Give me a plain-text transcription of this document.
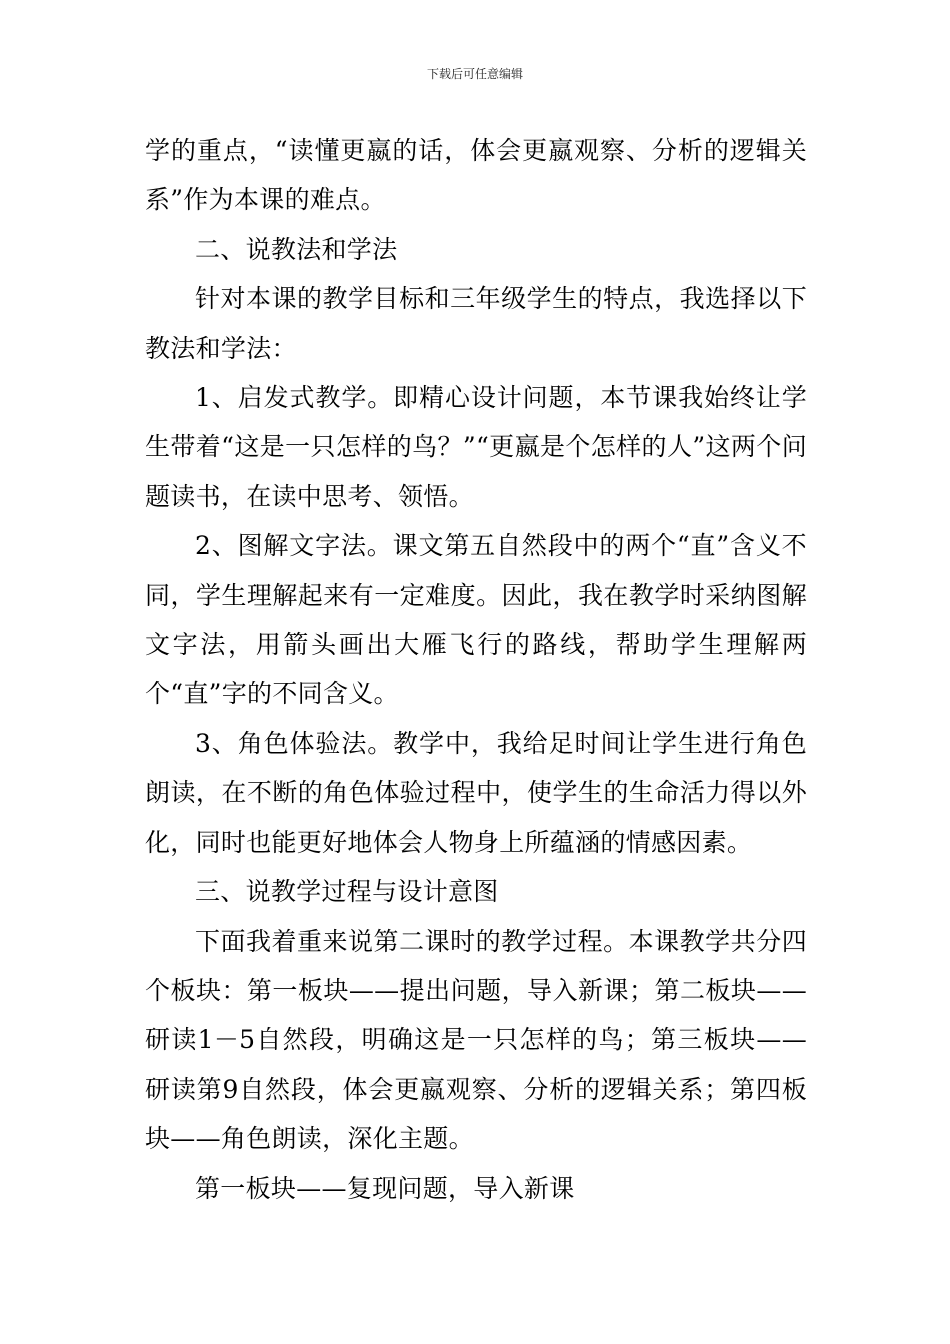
下载后可任意编辑

学的重点，“读懂更嬴的话，体会更嬴观察、分析的逻辑关系”作为本课的难点。

二、说教法和学法

针对本课的教学目标和三年级学生的特点，我选择以下教法和学法：

1、启发式教学。即精心设计问题，本节课我始终让学生带着“这是一只怎样的鸟？”“更嬴是个怎样的人”这两个问题读书，在读中思考、领悟。

2、图解文字法。课文第五自然段中的两个“直”含义不同，学生理解起来有一定难度。因此，我在教学时采纳图解文字法，用箭头画出大雁飞行的路线，帮助学生理解两个“直”字的不同含义。

3、角色体验法。教学中，我给足时间让学生进行角色朗读，在不断的角色体验过程中，使学生的生命活力得以外化，同时也能更好地体会人物身上所蕴涵的情感因素。

三、说教学过程与设计意图

下面我着重来说第二课时的教学过程。本课教学共分四个板块：第一板块——提出问题，导入新课；第二板块——研读1－5自然段，明确这是一只怎样的鸟；第三板块——研读第9自然段，体会更嬴观察、分析的逻辑关系；第四板块——角色朗读，深化主题。

第一板块——复现问题，导入新课
